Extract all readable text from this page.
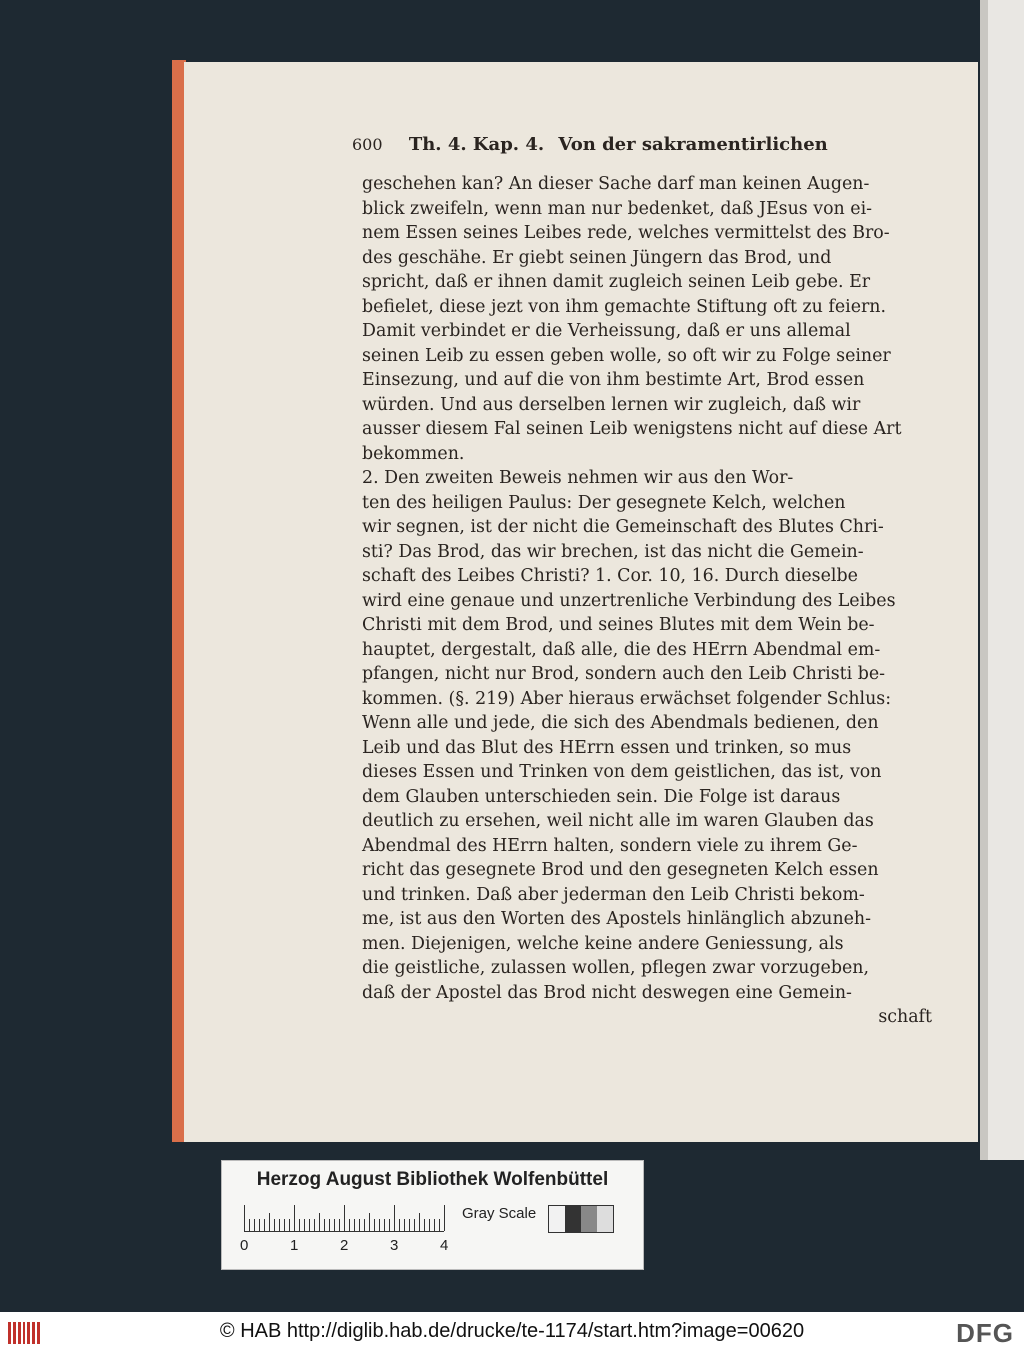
600 Th. 4. Kap. 4. Von der sakramentirlichen
geschehen kan? An dieser Sache darf man keinen Augen-
blick zweifeln, wenn man nur bedenket, daß JEsus von ei-
nem Essen seines Leibes rede, welches vermittelst des Bro-
des geschähe. Er giebt seinen Jüngern das Brod, und
spricht, daß er ihnen damit zugleich seinen Leib gebe. Er
befielet, diese jezt von ihm gemachte Stiftung oft zu feiern.
Damit verbindet er die Verheissung, daß er uns allemal
seinen Leib zu essen geben wolle, so oft wir zu Folge seiner
Einsezung, und auf die von ihm bestimte Art, Brod essen
würden. Und aus derselben lernen wir zugleich, daß wir
ausser diesem Fal seinen Leib wenigstens nicht auf diese Art
bekommen.
2. Den zweiten Beweis nehmen wir aus den Wor-
ten des heiligen Paulus: Der gesegnete Kelch, welchen
wir segnen, ist der nicht die Gemeinschaft des Blutes Chri-
sti? Das Brod, das wir brechen, ist das nicht die Gemein-
schaft des Leibes Christi? 1. Cor. 10, 16. Durch dieselbe
wird eine genaue und unzertrenliche Verbindung des Leibes
Christi mit dem Brod, und seines Blutes mit dem Wein be-
hauptet, dergestalt, daß alle, die des HErrn Abendmal em-
pfangen, nicht nur Brod, sondern auch den Leib Christi be-
kommen. (§. 219) Aber hieraus erwächset folgender Schlus:
Wenn alle und jede, die sich des Abendmals bedienen, den
Leib und das Blut des HErrn essen und trinken, so mus
dieses Essen und Trinken von dem geistlichen, das ist, von
dem Glauben unterschieden sein. Die Folge ist daraus
deutlich zu ersehen, weil nicht alle im waren Glauben das
Abendmal des HErrn halten, sondern viele zu ihrem Ge-
richt das gesegnete Brod und den gesegneten Kelch essen
und trinken. Daß aber jederman den Leib Christi bekom-
me, ist aus den Worten des Apostels hinlänglich abzuneh-
men. Diejenigen, welche keine andere Geniessung, als
die geistliche, zulassen wollen, pflegen zwar vorzugeben,
daß der Apostel das Brod nicht deswegen eine Gemein-
schaft
Herzog August Bibliothek Wolfenbüttel
0	1	2	3	4
Gray Scale
© HAB http://diglib.hab.de/drucke/te-1174/start.htm?image=00620	DFG
